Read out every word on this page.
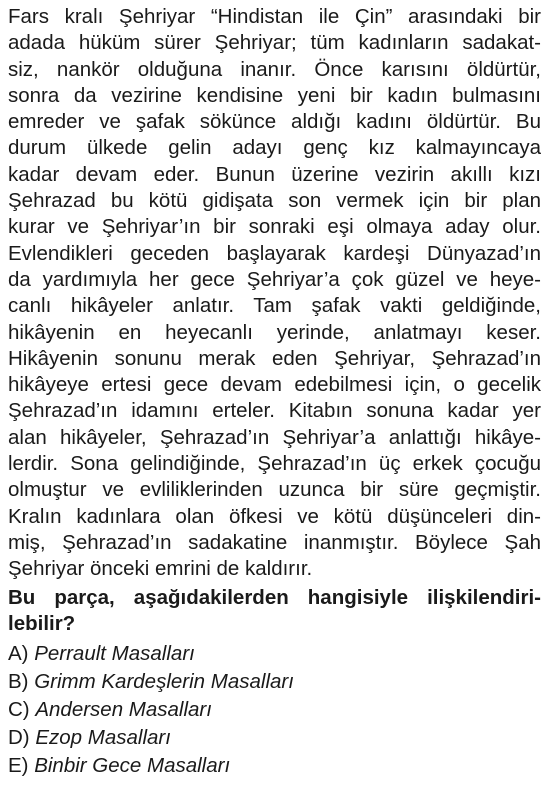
Fars kralı Şehriyar “Hindistan ile Çin” arasındaki bir
adada hüküm sürer Şehriyar; tüm kadınların sadakat-
siz, nankör olduğuna inanır. Önce karısını öldürtür,
sonra da vezirine kendisine yeni bir kadın bulmasını
emreder ve şafak sökünce aldığı kadını öldürtür. Bu
durum ülkede gelin adayı genç kız kalmayıncaya
kadar devam eder. Bunun üzerine vezirin akıllı kızı
Şehrazad bu kötü gidişata son vermek için bir plan
kurar ve Şehriyar’ın bir sonraki eşi olmaya aday olur.
Evlendikleri geceden başlayarak kardeşi Dünyazad’ın
da yardımıyla her gece Şehriyar’a çok güzel ve heye-
canlı hikâyeler anlatır. Tam şafak vakti geldiğinde,
hikâyenin en heyecanlı yerinde, anlatmayı keser.
Hikâyenin sonunu merak eden Şehriyar, Şehrazad’ın
hikâyeye ertesi gece devam edebilmesi için, o gecelik
Şehrazad’ın idamını erteler. Kitabın sonuna kadar yer
alan hikâyeler, Şehrazad’ın Şehriyar’a anlattığı hikâye-
lerdir. Sona gelindiğinde, Şehrazad’ın üç erkek çocuğu
olmuştur ve evliliklerinden uzunca bir süre geçmiştir.
Kralın kadınlara olan öfkesi ve kötü düşünceleri din-
miş, Şehrazad’ın sadakatine inanmıştır. Böylece Şah
Şehriyar önceki emrini de kaldırır.
Bu parça, aşağıdakilerden hangisiyle ilişkilendiri-
lebilir?
A) Perrault Masalları
B) Grimm Kardeşlerin Masalları
C) Andersen Masalları
D) Ezop Masalları
E) Binbir Gece Masalları
